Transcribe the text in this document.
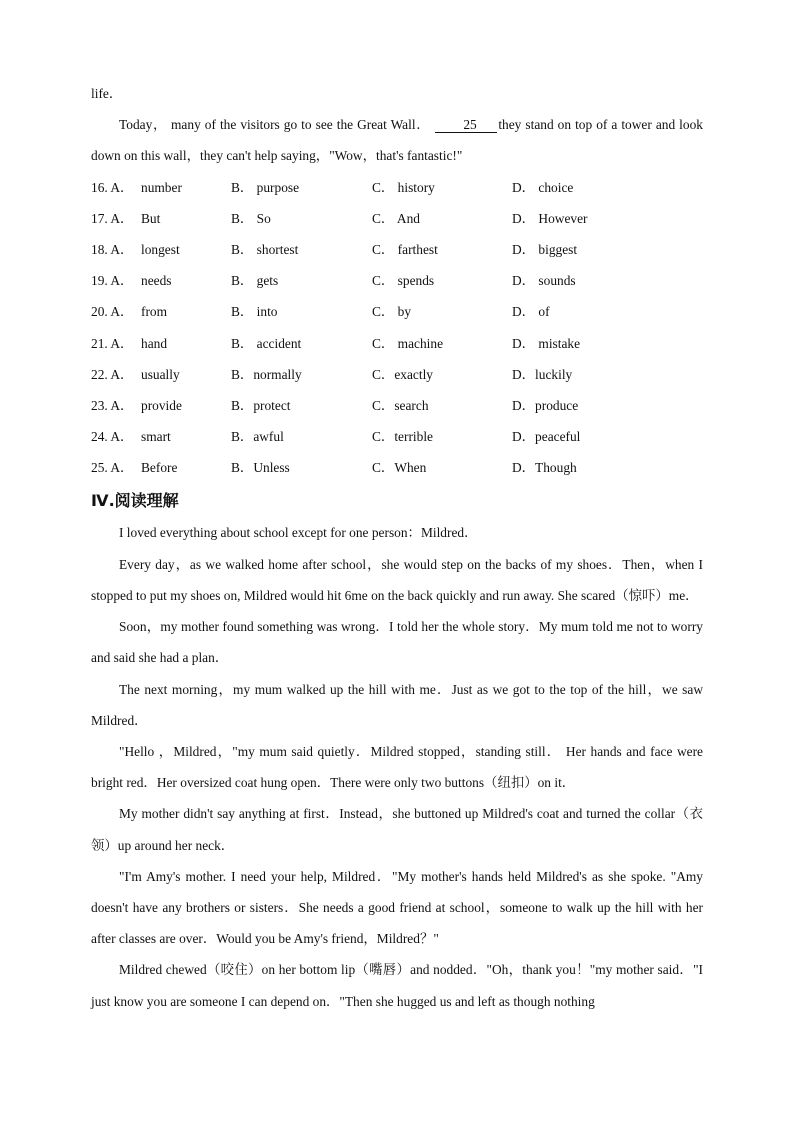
life．

Today， many of the visitors go to see the Great Wall． 25 they stand on top of a tower and look down on this wall，they can't help saying，"Wow，that's fantastic!"

16. A． number	B． purpose	C． history	D． choice
17. A． But	B． So	C． And	D． However
18. A． longest	B． shortest	C． farthest	D． biggest
19. A． needs	B． gets	C． spends	D． sounds
20. A． from	B． into	C． by	D． of
21. A． hand	B． accident	C． machine	D． mistake
22. A． usually	B．normally	C．exactly	D．luckily
23. A． provide	B．protect	C．search	D．produce
24. A． smart	B．awful	C．terrible	D．peaceful
25. A． Before	B．Unless	C．When	D．Though
Ⅳ.阅读理解

I loved everything about school except for one person：Mildred．

Every day，as we walked home after school，she would step on the backs of my shoes．Then，when I stopped to put my shoes on, Mildred would hit 6me on the back quickly and run away. She scared（惊吓）me．

Soon，my mother found something was wrong．I told her the whole story．My mum told me not to worry and said she had a plan．

The next morning，my mum walked up the hill with me．Just as we got to the top of the hill，we saw Mildred．

"Hello ，Mildred，"my mum said quietly．Mildred stopped，standing still． Her hands and face were bright red．Her oversized coat hung open．There were only two buttons（纽扣）on it．

My mother didn't say anything at first．Instead，she buttoned up Mildred's coat and turned the collar（衣领）up around her neck．

"I'm Amy's mother. I need your help, Mildred．"My mother's hands held Mildred's as she spoke. "Amy doesn't have any brothers or sisters．She needs a good friend at school，someone to walk up the hill with her after classes are over．Would you be Amy's friend，Mildred？"

Mildred chewed（咬住）on her bottom lip（嘴唇）and nodded．"Oh，thank you！"my mother said．"I just know you are someone I can depend on．"Then she hugged us and left as though nothing
